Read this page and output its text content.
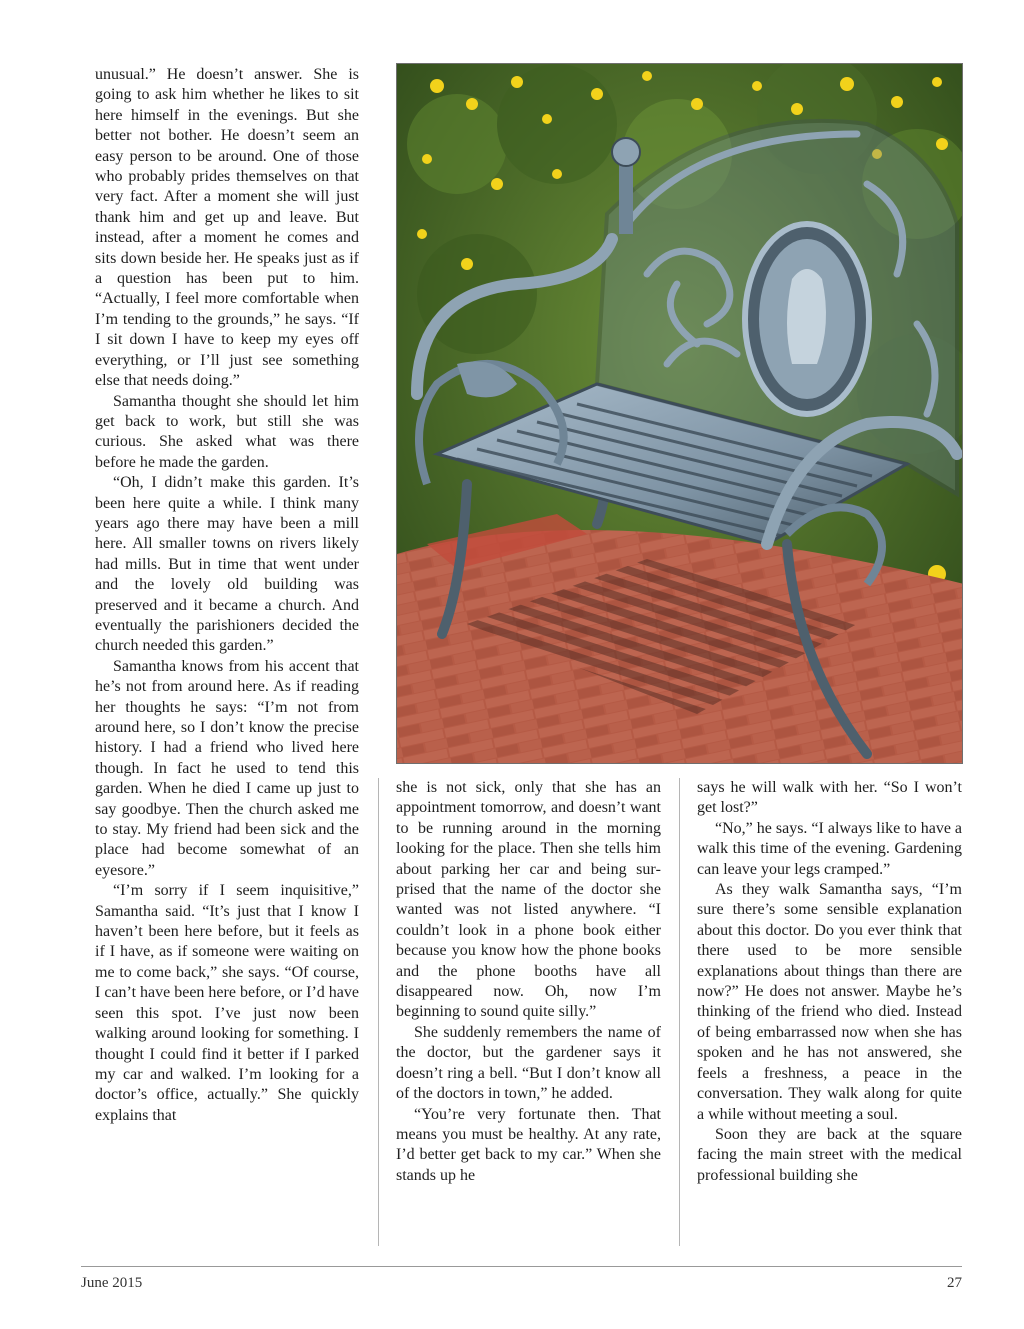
unusual.” He doesn’t answer. She is going to ask him whether he likes to sit here himself in the evenings. But she better not bother. He doesn’t seem an easy person to be around. One of those who probably prides themselves on that very fact. After a moment she will just thank him and get up and leave. But instead, after a moment he comes and sits down beside her. He speaks just as if a question has been put to him. “Actually, I feel more comfortable when I’m tending to the grounds,” he says. “If I sit down I have to keep my eyes off everything, or I’ll just see something else that needs doing.”

Samantha thought she should let him get back to work, but still she was curious. She asked what was there before he made the garden.

“Oh, I didn’t make this garden. It’s been here quite a while. I think many years ago there may have been a mill here. All smaller towns on rivers likely had mills. But in time that went under and the lovely old building was preserved and it became a church. And eventually the parishioners decided the church needed this garden.”

Samantha knows from his accent that he’s not from around here. As if reading her thoughts he says: “I’m not from around here, so I don’t know the precise history. I had a friend who lived here though. In fact he used to tend this garden. When he died I came up just to say goodbye. Then the church asked me to stay. My friend had been sick and the place had become somewhat of an eyesore.”

“I’m sorry if I seem inquisitive,” Samantha said. “It’s just that I know I haven’t been here before, but it feels as if I have, as if someone were waiting on me to come back,” she says. “Of course, I can’t have been here before, or I’d have seen this spot. I’ve just now been walking around looking for something. I thought I could find it better if I parked my car and walked. I’m looking for a doctor’s office, actually.” She quickly explains that

she is not sick, only that she has an appointment tomorrow, and doesn’t want to be running around in the morning looking for the place. Then she tells him about parking her car and being surprised that the name of the doctor she wanted was not listed anywhere. “I couldn’t look in a phone book either because you know how the phone books and the phone booths have all disappeared now. Oh, now I’m beginning to sound quite silly.”

She suddenly remembers the name of the doctor, but the gardener says it doesn’t ring a bell. “But I don’t know all of the doctors in town,” he added.

“You’re very fortunate then. That means you must be healthy. At any rate, I’d better get back to my car.” When she stands up he

says he will walk with her. “So I won’t get lost?”

“No,” he says. “I always like to have a walk this time of the evening. Gardening can leave your legs cramped.”

As they walk Samantha says, “I’m sure there’s some sensible explanation about this doctor. Do you ever think that there used to be more sensible explanations about things than there are now?” He does not answer. Maybe he’s thinking of the friend who died. Instead of being embarrassed now when she has spoken and he has not answered, she feels a freshness, a peace in the conversation. They walk along for quite a while without meeting a soul.

Soon they are back at the square facing the main street with the medical professional building she

June 2015	27
